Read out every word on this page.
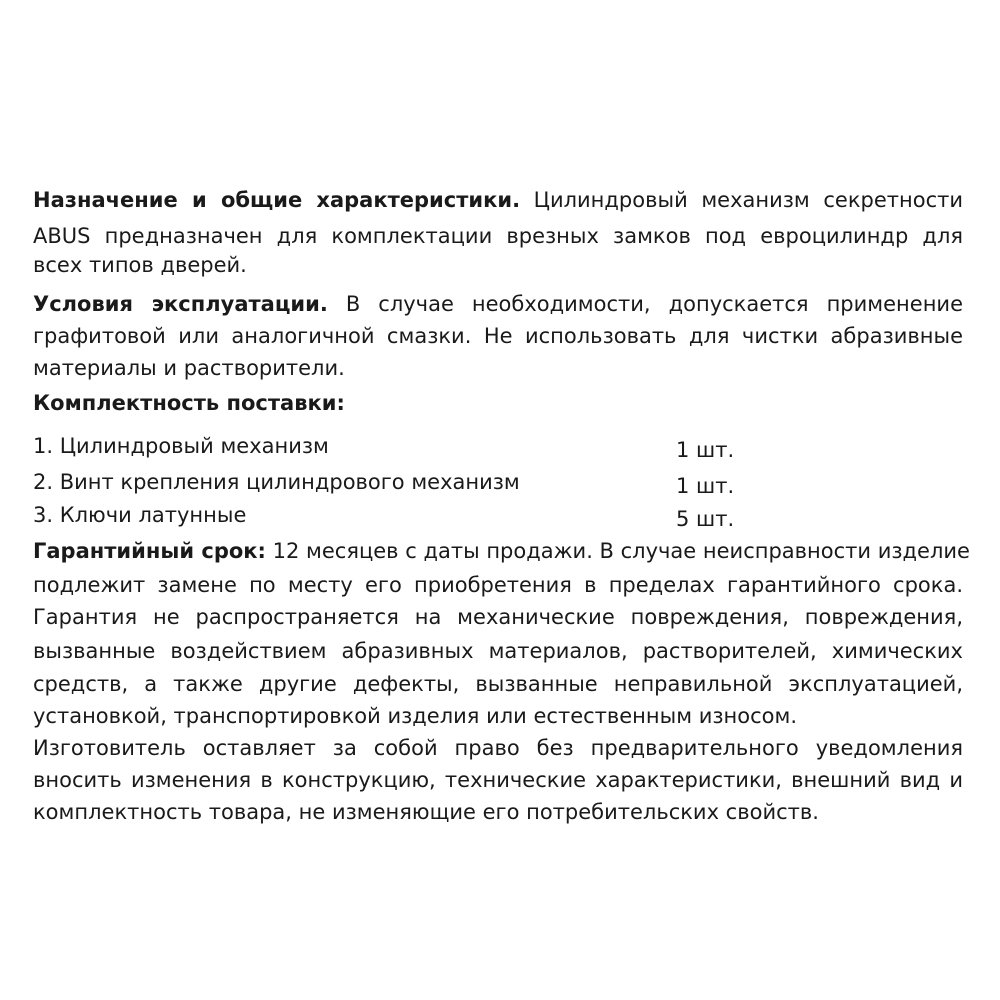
Назначение и общие характеристики. Цилиндровый механизм секретности
ABUS предназначен для комплектации врезных замков под евроцилиндр для
всех типов дверей.
Условия эксплуатации. В случае необходимости, допускается применение
графитовой или аналогичной смазки. Не использовать для чистки абразивные
материалы и растворители.
Комплектность поставки:
1. Цилиндровый механизм	1 шт.
2. Винт крепления цилиндрового механизм	1 шт.
3. Ключи латунные	5 шт.
Гарантийный срок: 12 месяцев с даты продажи. В случае неисправности изделие
подлежит замене по месту его приобретения в пределах гарантийного срока.
Гарантия не распространяется на механические повреждения, повреждения,
вызванные воздействием абразивных материалов, растворителей, химических
средств, а также другие дефекты, вызванные неправильной эксплуатацией,
установкой, транспортировкой изделия или естественным износом.
Изготовитель оставляет за собой право без предварительного уведомления
вносить изменения в конструкцию, технические характеристики, внешний вид и
комплектность товара, не изменяющие его потребительских свойств.
